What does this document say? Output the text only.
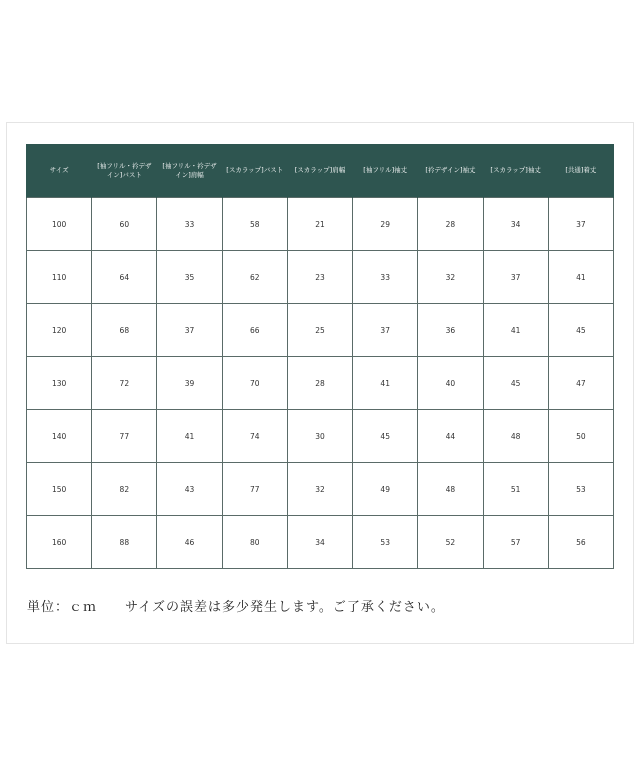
サイズ	[袖フリル・衿デザイン]バスト	[袖フリル・衿デザイン]肩幅	[スカラップ]バスト	[スカラップ]肩幅	[袖フリル]袖丈	[衿デザイン]袖丈	[スカラップ]袖丈	[共通]着丈
100	60	33	58	21	29	28	34	37
110	64	35	62	23	33	32	37	41
120	68	37	66	25	37	36	41	45
130	72	39	70	28	41	40	45	47
140	77	41	74	30	45	44	48	50
150	82	43	77	32	49	48	51	53
160	88	46	80	34	53	52	57	56
単位：ｃｍ　　サイズの誤差は多少発生します。ご了承ください。
